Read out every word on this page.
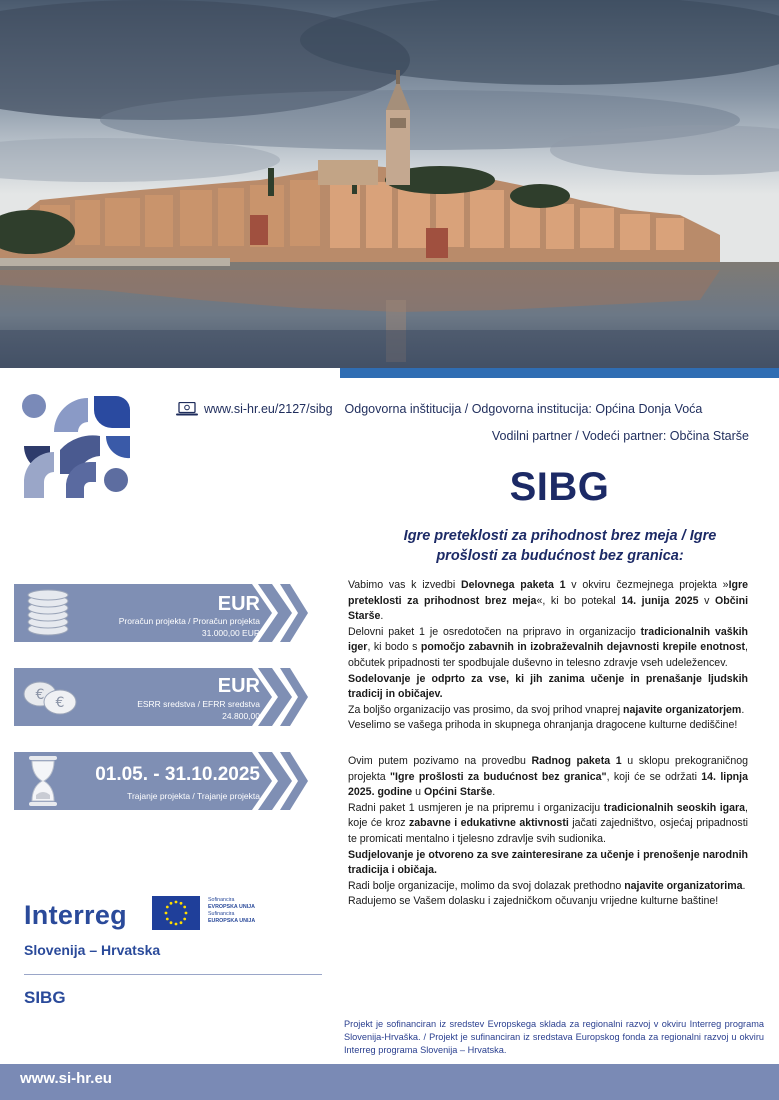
www.si-hr.eu/2127/sibg Odgovorna inštitucija / Odgovorna institucija: Općina Donja Voća
Vodilni partner / Vodeći partner: Občina Starše
SIBG
Igre preteklosti za prihodnost brez meja / Igre
prošlosti za budućnost bez granica:
EUR
Proračun projekta / Proračun projekta
31.000,00 EUR
€ €
EUR
ESRR sredstva / EFRR sredstva
24.800,00
01.05. - 31.10.2025
Trajanje projekta / Trajanje projekta

Vabimo vas k izvedbi Delovnega paketa 1 v okviru čezmejnega projekta »Igre preteklosti za prihodnost brez meja«, ki bo potekal 14. junija 2025 v Občini Starše.

Delovni paket 1 je osredotočen na pripravo in organizacijo tradicionalnih vaških iger, ki bodo s pomočjo zabavnih in izobraževalnih dejavnosti krepile enotnost, občutek pripadnosti ter spodbujale duševno in telesno zdravje vseh udeležencev.

Sodelovanje je odprto za vse, ki jih zanima učenje in prenašanje ljudskih tradicij in običajev.

Za boljšo organizacijo vas prosimo, da svoj prihod vnaprej najavite organizatorjem.

Veselimo se vašega prihoda in skupnega ohranjanja dragocene kulturne dediščine!

Ovim putem pozivamo na provedbu Radnog paketa 1 u sklopu prekograničnog projekta "Igre prošlosti za budućnost bez granica", koji će se održati 14. lipnja 2025. godine u Općini Starše.

Radni paket 1 usmjeren je na pripremu i organizaciju tradicionalnih seoskih igara, koje će kroz zabavne i edukativne aktivnosti jačati zajedništvo, osjećaj pripadnosti te promicati mentalno i tjelesno zdravlje svih sudionika.

Sudjelovanje je otvoreno za sve zainteresirane za učenje i prenošenje narodnih tradicija i običaja.

Radi bolje organizacije, molimo da svoj dolazak prethodno najavite organizatorima.

Radujemo se Vašem dolasku i zajedničkom očuvanju vrijedne kulturne baštine!

Projekt je sofinanciran iz sredstev Evropskega sklada za regionalni razvoj v okviru Interreg programa Slovenija-Hrvaška. / Projekt je sufinanciran iz sredstava Europskog fonda za regionalni razvoj u okviru Interreg programa Slovenija – Hrvatska.
Interreg	Sofinancira
EVROPSKA UNIJA
Sufinancira
EUROPSKA UNIJA
Slovenija – Hrvatska
SIBG
www.si-hr.eu
